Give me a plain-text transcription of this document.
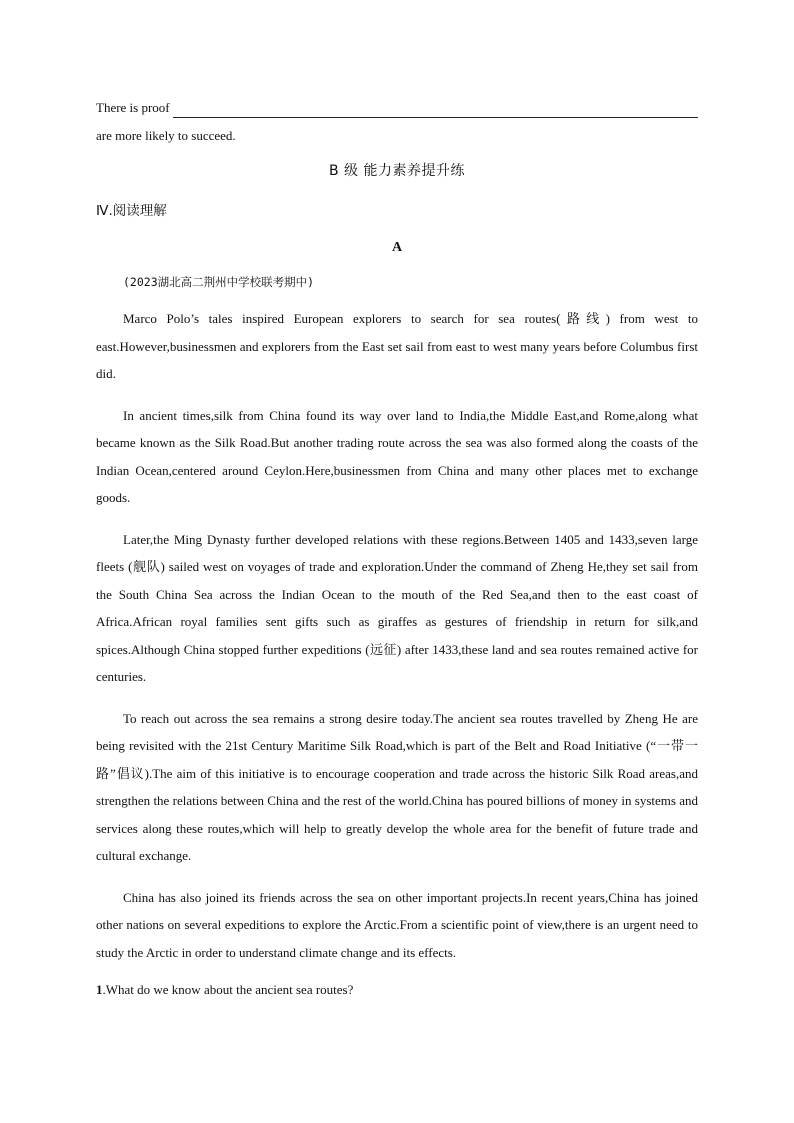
There is proof
are more likely to succeed.
B 级 能力素养提升练
Ⅳ.阅读理解
A
(2023湖北高二荆州中学校联考期中)

Marco Polo’s tales inspired European explorers to search for sea routes(路线) from west to east.However,businessmen and explorers from the East set sail from east to west many years before Columbus first did.

In ancient times,silk from China found its way over land to India,the Middle East,and Rome,along what became known as the Silk Road.But another trading route across the sea was also formed along the coasts of the Indian Ocean,centered around Ceylon.Here,businessmen from China and many other places met to exchange goods.

Later,the Ming Dynasty further developed relations with these regions.Between 1405 and 1433,seven large fleets (舰队) sailed west on voyages of trade and exploration.Under the command of Zheng He,they set sail from the South China Sea across the Indian Ocean to the mouth of the Red Sea,and then to the east coast of Africa.African royal families sent gifts such as giraffes as gestures of friendship in return for silk,and spices.Although China stopped further expeditions (远征) after 1433,these land and sea routes remained active for centuries.

To reach out across the sea remains a strong desire today.The ancient sea routes travelled by Zheng He are being revisited with the 21st Century Maritime Silk Road,which is part of the Belt and Road Initiative (“一带一路”倡议).The aim of this initiative is to encourage cooperation and trade across the historic Silk Road areas,and strengthen the relations between China and the rest of the world.China has poured billions of money in systems and services along these routes,which will help to greatly develop the whole area for the benefit of future trade and cultural exchange.

China has also joined its friends across the sea on other important projects.In recent years,China has joined other nations on several expeditions to explore the Arctic.From a scientific point of view,there is an urgent need to study the Arctic in order to understand climate change and its effects.

1.What do we know about the ancient sea routes?
